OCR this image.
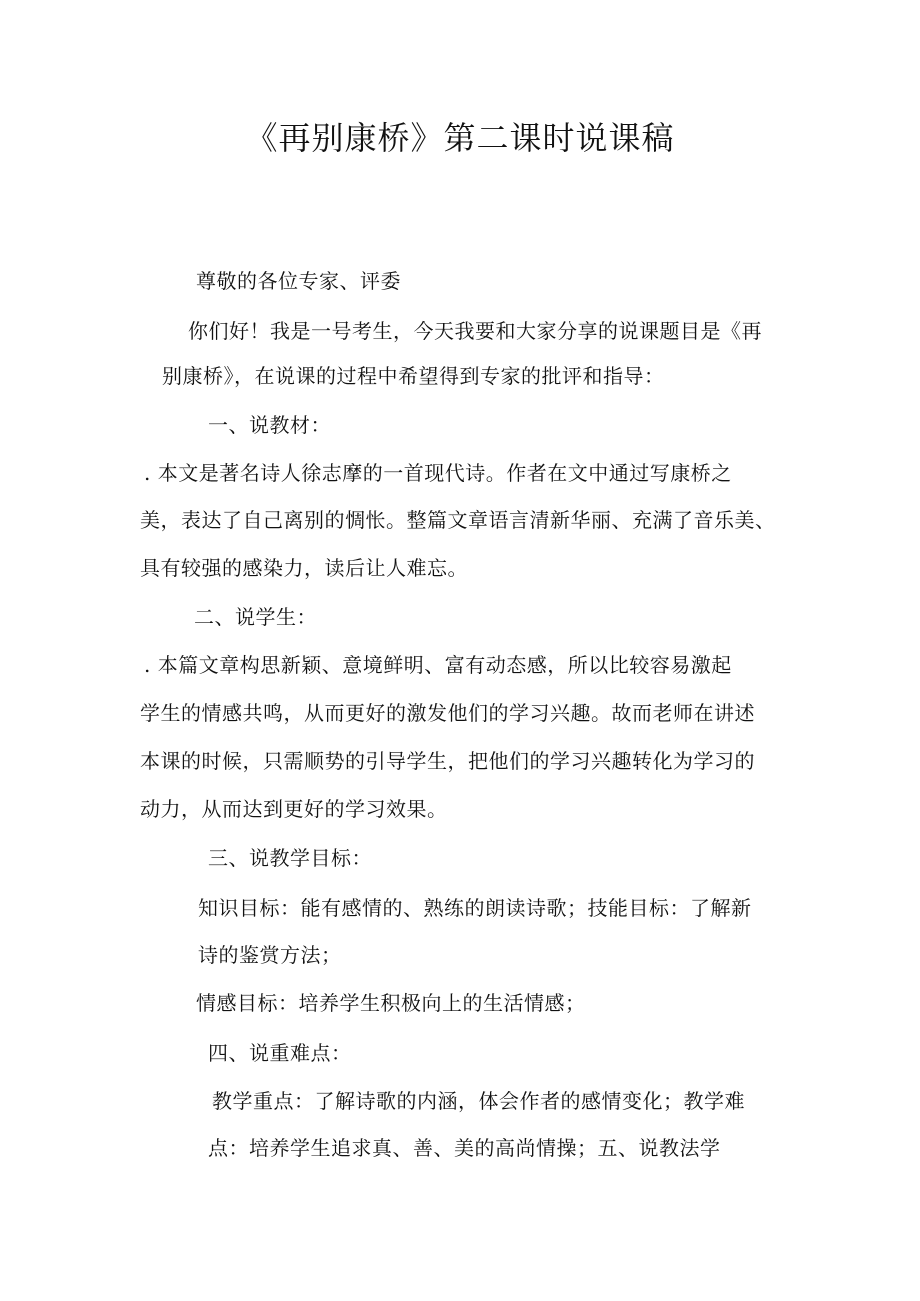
《再别康桥》第二课时说课稿
尊敬的各位专家、评委
你们好！我是一号考生，今天我要和大家分享的说课题目是《再
别康桥》，在说课的过程中希望得到专家的批评和指导：
一、说教材：
. 本文是著名诗人徐志摩的一首现代诗。作者在文中通过写康桥之
美，表达了自己离别的惆怅。整篇文章语言清新华丽、充满了音乐美、
具有较强的感染力，读后让人难忘。
二、说学生：
. 本篇文章构思新颖、意境鲜明、富有动态感，所以比较容易激起
学生的情感共鸣，从而更好的激发他们的学习兴趣。故而老师在讲述
本课的时候，只需顺势的引导学生，把他们的学习兴趣转化为学习的
动力，从而达到更好的学习效果。
三、说教学目标：
知识目标：能有感情的、熟练的朗读诗歌；技能目标：了解新
诗的鉴赏方法；
情感目标：培养学生积极向上的生活情感；
四、说重难点：
教学重点：了解诗歌的内涵，体会作者的感情变化；教学难
点：培养学生追求真、善、美的高尚情操；五、说教法学
